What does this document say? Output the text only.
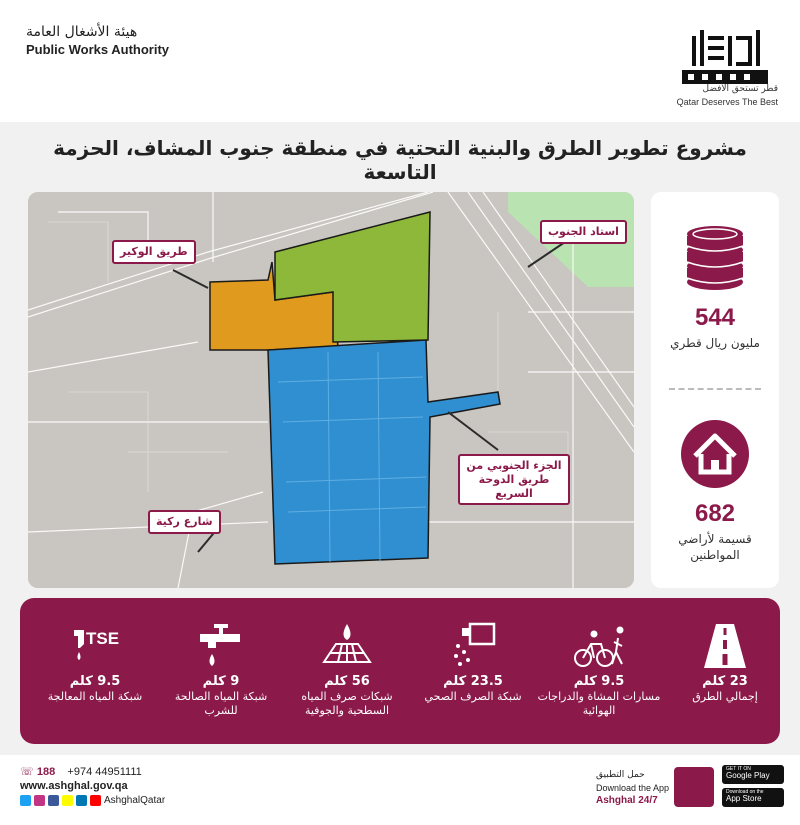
هيئة الأشغال العامة
Public Works Authority
قطر تستحق الأفضل
Qatar Deserves The Best
مشروع تطوير الطرق والبنية التحتية في منطقة جنوب المشاف، الحزمة التاسعة
طريق الوكير
استاد الجنوب
الجزء الجنوبي من طريق الدوحة السريع
شارع ركية
544
مليون ريال قطري
682
قسيمة لأراضي المواطنين
TSE
9.5 كلم
شبكة المياه المعالجة
9 كلم
شبكة المياه الصالحة للشرب
56 كلم
شبكات صرف المياه السطحية والجوفية
23.5 كلم
شبكة الصرف الصحي
9.5 كلم
مسارات المشاة والدراجات الهوائية
23 كلم
إجمالي الطرق
☏ 188 +974 44951111
www.ashghal.gov.qa
AshghalQatar
حمل التطبيق
Download the App
Ashghal 24/7
GET IT ON
Google Play
Download on the
App Store
